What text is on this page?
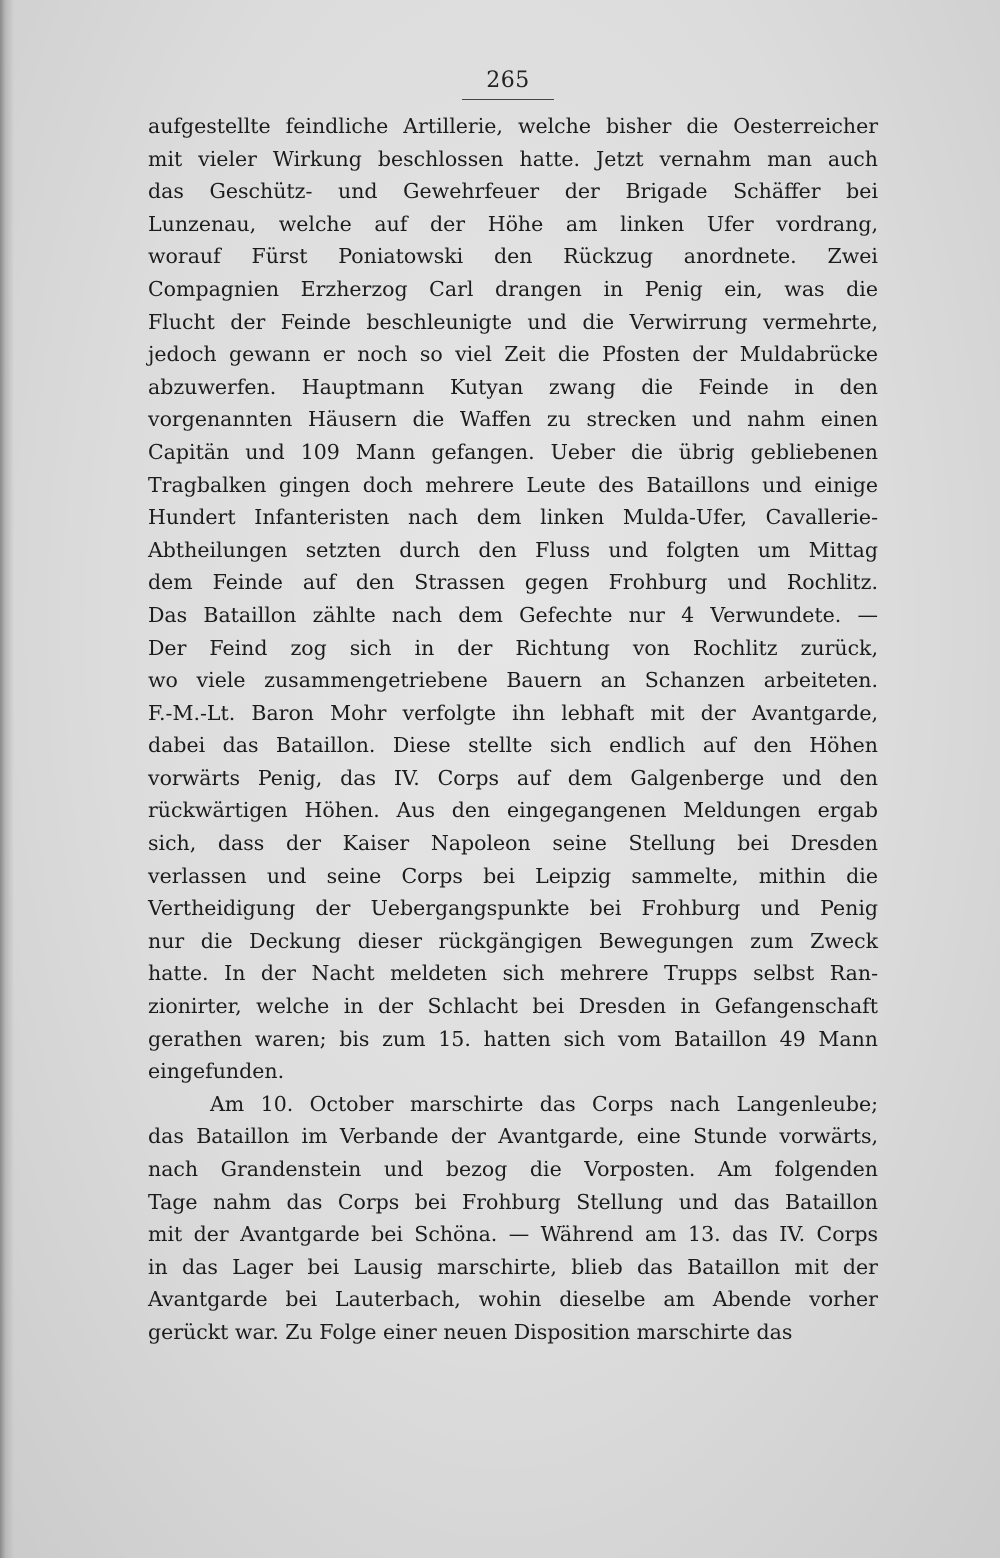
265
aufgestellte feindliche Artillerie, welche bisher die Oesterreicher
mit vieler Wirkung beschlossen hatte. Jetzt vernahm man auch
das Geschütz- und Gewehrfeuer der Brigade Schäffer bei
Lunzenau, welche auf der Höhe am linken Ufer vordrang,
worauf Fürst Poniatowski den Rückzug anordnete. Zwei
Compagnien Erzherzog Carl drangen in Penig ein, was die
Flucht der Feinde beschleunigte und die Verwirrung vermehrte,
jedoch gewann er noch so viel Zeit die Pfosten der Muldabrücke
abzuwerfen. Hauptmann Kutyan zwang die Feinde in den
vorgenannten Häusern die Waffen zu strecken und nahm einen
Capitän und 109 Mann gefangen. Ueber die übrig gebliebenen
Tragbalken gingen doch mehrere Leute des Bataillons und einige
Hundert Infanteristen nach dem linken Mulda-Ufer, Cavallerie-
Abtheilungen setzten durch den Fluss und folgten um Mittag
dem Feinde auf den Strassen gegen Frohburg und Rochlitz.
Das Bataillon zählte nach dem Gefechte nur 4 Verwundete. —
Der Feind zog sich in der Richtung von Rochlitz zurück,
wo viele zusammengetriebene Bauern an Schanzen arbeiteten.
F.-M.-Lt. Baron Mohr verfolgte ihn lebhaft mit der Avantgarde,
dabei das Bataillon. Diese stellte sich endlich auf den Höhen
vorwärts Penig, das IV. Corps auf dem Galgenberge und den
rückwärtigen Höhen. Aus den eingegangenen Meldungen ergab
sich, dass der Kaiser Napoleon seine Stellung bei Dresden
verlassen und seine Corps bei Leipzig sammelte, mithin die
Vertheidigung der Uebergangspunkte bei Frohburg und Penig
nur die Deckung dieser rückgängigen Bewegungen zum Zweck
hatte. In der Nacht meldeten sich mehrere Trupps selbst Ran-
zionirter, welche in der Schlacht bei Dresden in Gefangenschaft
gerathen waren; bis zum 15. hatten sich vom Bataillon 49 Mann
eingefunden.
Am 10. October marschirte das Corps nach Langenleube;
das Bataillon im Verbande der Avantgarde, eine Stunde vorwärts,
nach Grandenstein und bezog die Vorposten. Am folgenden
Tage nahm das Corps bei Frohburg Stellung und das Bataillon
mit der Avantgarde bei Schöna. — Während am 13. das IV. Corps
in das Lager bei Lausig marschirte, blieb das Bataillon mit der
Avantgarde bei Lauterbach, wohin dieselbe am Abende vorher
gerückt war. Zu Folge einer neuen Disposition marschirte das
